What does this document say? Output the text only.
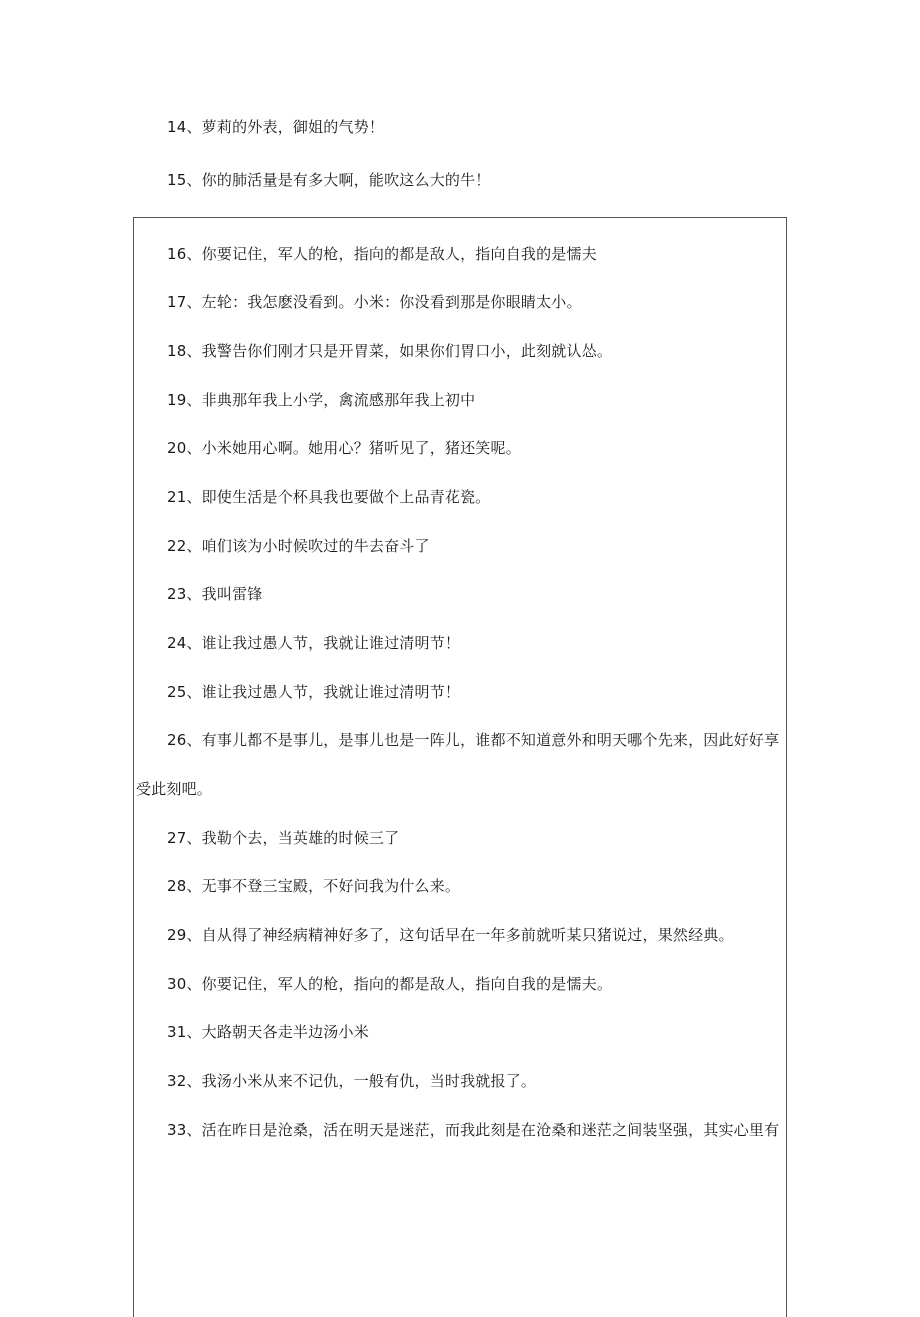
14、萝莉的外表，御姐的气势！

15、你的肺活量是有多大啊，能吹这么大的牛！

16、你要记住，军人的枪，指向的都是敌人，指向自我的是懦夫

17、左轮：我怎麽没看到。小米：你没看到那是你眼睛太小。

18、我警告你们刚才只是开胃菜，如果你们胃口小，此刻就认怂。

19、非典那年我上小学，禽流感那年我上初中

20、小米她用心啊。她用心？猪听见了，猪还笑呢。

21、即使生活是个杯具我也要做个上品青花瓷。

22、咱们该为小时候吹过的牛去奋斗了

23、我叫雷锋

24、谁让我过愚人节，我就让谁过清明节！

25、谁让我过愚人节，我就让谁过清明节！

26、有事儿都不是事儿，是事儿也是一阵儿，谁都不知道意外和明天哪个先来，因此好好享

受此刻吧。

27、我勒个去，当英雄的时候三了

28、无事不登三宝殿，不好问我为什么来。

29、自从得了神经病精神好多了，这句话早在一年多前就听某只猪说过，果然经典。

30、你要记住，军人的枪，指向的都是敌人，指向自我的是懦夫。

31、大路朝天各走半边汤小米

32、我汤小米从来不记仇，一般有仇，当时我就报了。

33、活在昨日是沧桑，活在明天是迷茫，而我此刻是在沧桑和迷茫之间装坚强，其实心里有
